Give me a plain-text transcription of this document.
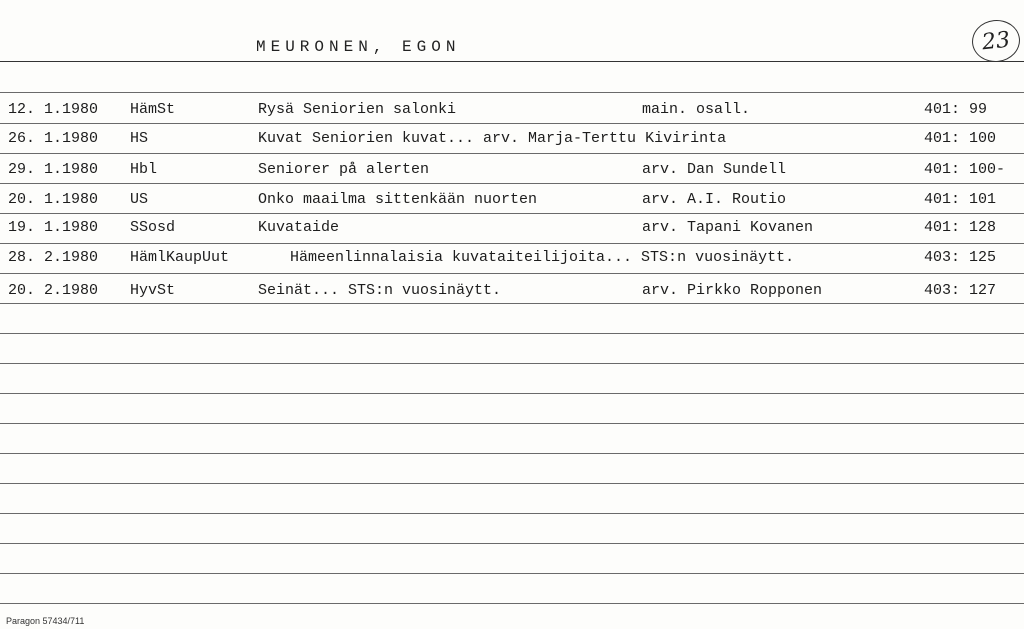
MEURONEN, EGON	23
12. 1.1980 HämSt	Rysä Seniorien salonki	main. osall.	401: 99
26. 1.1980 HS	Kuvat Seniorien kuvat... arv. Marja-Terttu Kivirinta	401: 100
29. 1.1980 Hbl	Seniorer på alerten	arv. Dan Sundell	401: 100-
20. 1.1980 US	Onko maailma sittenkään nuorten	arv. A.I. Routio	401: 101
19. 1.1980 SSosd	Kuvataide	arv. Tapani Kovanen	401: 128
28. 2.1980 HämlKaupUut	Hämeenlinnalaisia kuvataiteilijoita... STS:n vuosinäytt.	403: 125
20. 2.1980 HyvSt	Seinät... STS:n vuosinäytt.	arv. Pirkko Ropponen	403: 127
Paragon 57434/711
